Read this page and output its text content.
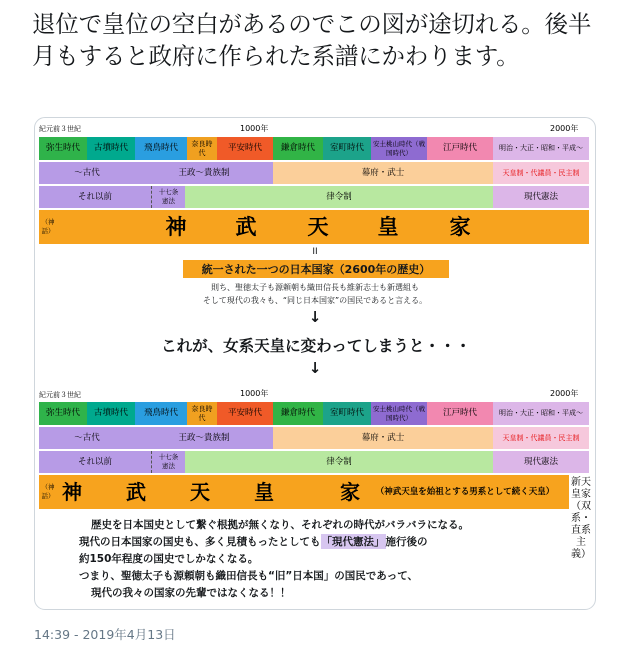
退位で皇位の空白があるのでこの図が途切れる。後半月もすると政府に作られた系譜にかわります。
紀元前３世紀	1000年	2000年
弥生時代	古墳時代	飛鳥時代	奈良時代	平安時代	鎌倉時代	室町時代	安土桃山時代（戦国時代）	江戸時代	明治・大正・昭和・平成～
～古代	王政～貴族制	幕府・武士	天皇制・代議員・民主制
それ以前	十七条憲法	律令制	現代憲法
（神話）	神 武 天 皇 家
II
統一された一つの日本国家（2600年の歴史）
則ち、聖徳太子も源頼朝も織田信長も維新志士も新選組も
そして現代の我々も、“同じ日本国家”の国民であると言える。
↓
これが、女系天皇に変わってしまうと・・・
↓
紀元前３世紀	1000年	2000年
弥生時代	古墳時代	飛鳥時代	奈良時代	平安時代	鎌倉時代	室町時代	安土桃山時代（戦国時代）	江戸時代	明治・大正・昭和・平成～
～古代	王政～貴族制	幕府・武士	天皇制・代議員・民主制
それ以前	十七条憲法	律令制	現代憲法
（神話） 神 武 天 皇	家	（神武天皇を始祖とする男系として続く天皇）
新天皇家（双系・直系主義）
歴史を日本国史として繋ぐ根拠が無くなり、それぞれの時代がバラバラになる。
現代の日本国家の国史も、多く見積もったとしても 「現代憲法」 施行後の
約150年程度の国史でしかなくなる。
つまり、聖徳太子も源頼朝も織田信長も“旧”日本国」の国民であって、
現代の我々の国家の先輩ではなくなる！！
14:39 - 2019年4月13日
